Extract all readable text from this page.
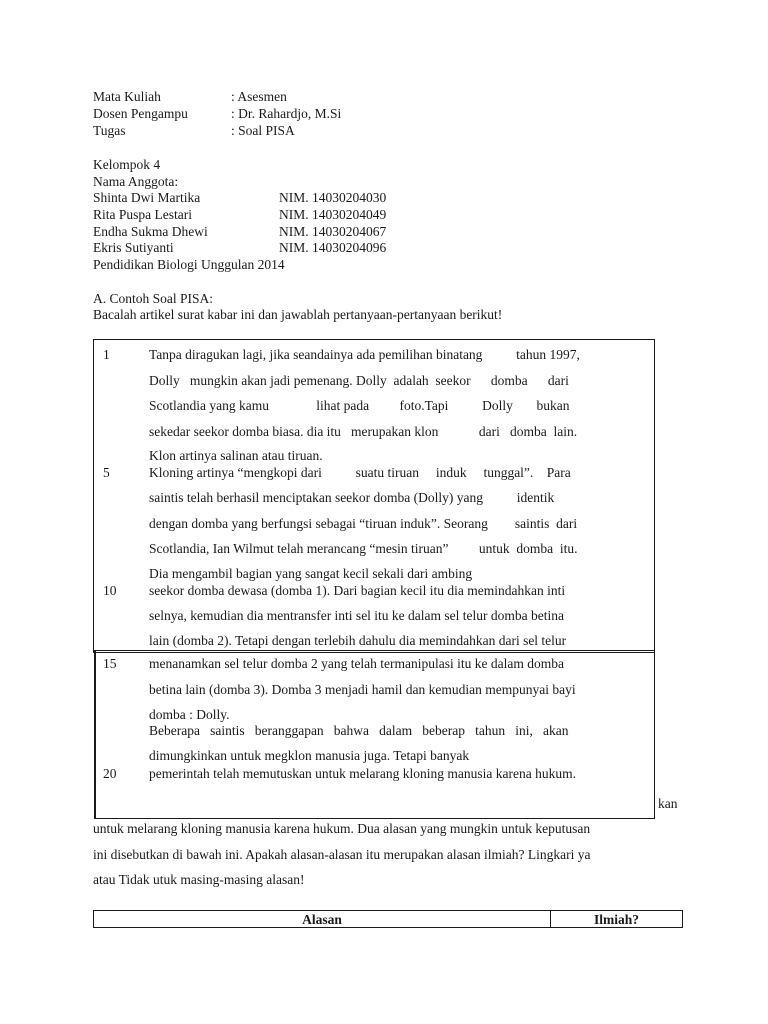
Mata Kuliah	: Asesmen
Dosen Pengampu	: Dr. Rahardjo, M.Si
Tugas	: Soal PISA
Kelompok 4
Nama Anggota:
Shinta Dwi Martika	NIM. 14030204030
Rita Puspa Lestari	NIM. 14030204049
Endha Sukma Dhewi	NIM. 14030204067
Ekris Sutiyanti	NIM. 14030204096
Pendidikan Biologi Unggulan 2014
A. Contoh Soal PISA:
Bacalah artikel surat kabar ini dan jawablah pertanyaan-pertanyaan berikut!
1
5
10
15
20
Tanpa diragukan lagi, jika seandainya ada pemilihan binatang          tahun 1997,
Dolly   mungkin akan jadi pemenang. Dolly  adalah  seekor      domba      dari
Scotlandia yang kamu              lihat pada         foto.Tapi          Dolly       bukan
sekedar seekor domba biasa. dia itu   merupakan klon            dari   domba  lain.
Klon artinya salinan atau tiruan.
Kloning artinya “mengkopi dari          suatu tiruan     induk     tunggal”.    Para
saintis telah berhasil menciptakan seekor domba (Dolly) yang          identik
dengan domba yang berfungsi sebagai “tiruan induk”. Seorang        saintis  dari
Scotlandia, Ian Wilmut telah merancang “mesin tiruan”         untuk  domba  itu.
Dia mengambil bagian yang sangat kecil sekali dari ambing
seekor domba dewasa (domba 1). Dari bagian kecil itu dia memindahkan inti
selnya, kemudian dia mentransfer inti sel itu ke dalam sel telur domba betina
lain (domba 2). Tetapi dengan terlebih dahulu dia memindahkan dari sel telur
menanamkan sel telur domba 2 yang telah termanipulasi itu ke dalam domba
betina lain (domba 3). Domba 3 menjadi hamil dan kemudian mempunyai bayi
domba : Dolly.
Beberapa   saintis   beranggapan   bahwa   dalam   beberap   tahun   ini,   akan
dimungkinkan untuk megklon manusia juga. Tetapi banyak
pemerintah telah memutuskan untuk melarang kloning manusia karena hukum.
kan
untuk melarang kloning manusia karena hukum. Dua alasan yang mungkin untuk keputusan
ini disebutkan di bawah ini. Apakah alasan-alasan itu merupakan alasan ilmiah? Lingkari ya
atau Tidak utuk masing-masing alasan!
Alasan	Ilmiah?
